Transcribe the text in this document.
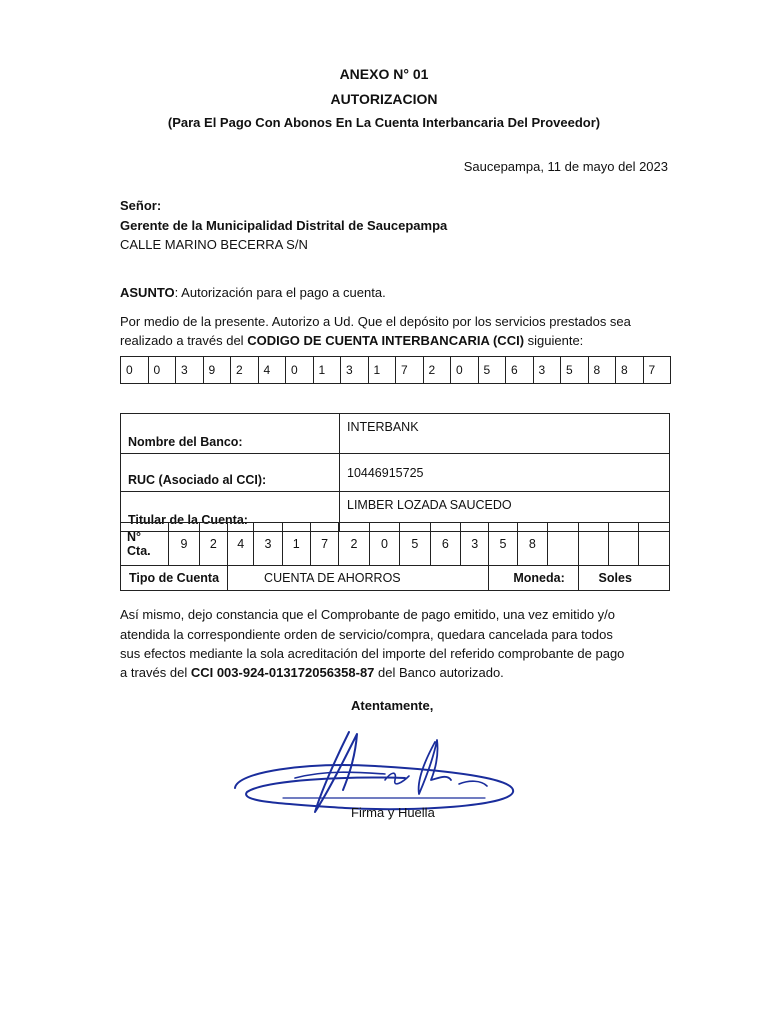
ANEXO N° 01
AUTORIZACION
(Para El Pago Con Abonos En La Cuenta Interbancaria Del Proveedor)
Saucepampa, 11 de mayo del 2023
Señor:
Gerente de la Municipalidad Distrital de Saucepampa
CALLE MARINO BECERRA S/N
ASUNTO: Autorización para el pago a cuenta.
Por medio de la presente. Autorizo a Ud. Que el depósito por los servicios prestados sea
realizado a través del CODIGO DE CUENTA INTERBANCARIA (CCI) siguiente:
0	0	3	9	2	4	0	1	3	1	7	2	0	5	6	3	5	8	8	7
Nombre del Banco:	INTERBANK
RUC (Asociado al CCI):	10446915725
Titular de la Cuenta:	LIMBER LOZADA SAUCEDO
N°
Cta.	9	2	4	3	1	7	2	0	5	6	3	5	8				
Tipo de Cuenta			CUENTA DE AHORROS									Moneda:			Soles		
Así mismo, dejo constancia que el Comprobante de pago emitido, una vez emitido y/o
atendida la correspondiente orden de servicio/compra, quedara cancelada para todos
sus efectos mediante la sola acreditación del importe del referido comprobante de pago
a través del CCI 003-924-013172056358-87 del Banco autorizado.
Atentamente,
Firma y Huella
